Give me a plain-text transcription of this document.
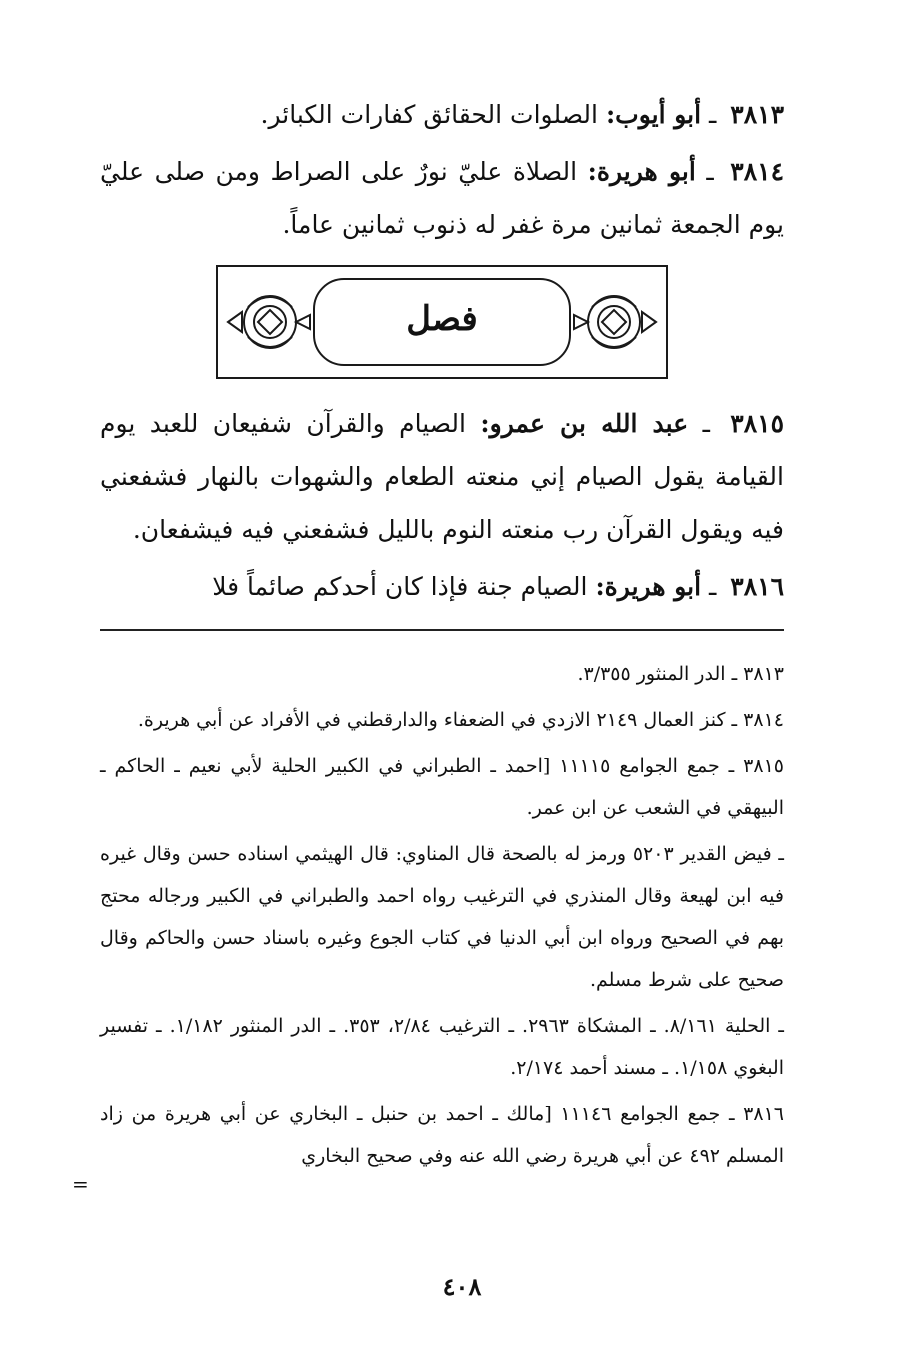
٣٨١٣ ـ أبو أيوب: الصلوات الحقائق كفارات الكبائر.

٣٨١٤ ـ أبو هريرة: الصلاة عليّ نورٌ على الصراط ومن صلى عليّ يوم الجمعة ثمانين مرة غفر له ذنوب ثمانين عاماً.

فصل

٣٨١٥ ـ عبد الله بن عمرو: الصيام والقرآن شفيعان للعبد يوم القيامة يقول الصيام إني منعته الطعام والشهوات بالنهار فشفعني فيه ويقول القرآن رب منعته النوم بالليل فشفعني فيه فيشفعان.

٣٨١٦ ـ أبو هريرة: الصيام جنة فإذا كان أحدكم صائماً فلا

٣٨١٣ ـ الدر المنثور ٣/٣٥٥.

٣٨١٤ ـ كنز العمال ٢١٤٩ الازدي في الضعفاء والدارقطني في الأفراد عن أبي هريرة.

٣٨١٥ ـ جمع الجوامع ١١١١٥ [احمد ـ الطبراني في الكبير الحلية لأبي نعيم ـ الحاكم ـ البيهقي في الشعب عن ابن عمر.

ـ فيض القدير ٥٢٠٣ ورمز له بالصحة قال المناوي: قال الهيثمي اسناده حسن وقال غيره فيه ابن لهيعة وقال المنذري في الترغيب رواه احمد والطبراني في الكبير ورجاله محتج بهم في الصحيح ورواه ابن أبي الدنيا في كتاب الجوع وغيره باسناد حسن والحاكم وقال صحيح على شرط مسلم.

ـ الحلية ٨/١٦١. ـ المشكاة ٢٩٦٣. ـ الترغيب ٢/٨٤، ٣٥٣. ـ الدر المنثور ١/١٨٢. ـ تفسير البغوي ١/١٥٨. ـ مسند أحمد ٢/١٧٤.

٣٨١٦ ـ جمع الجوامع ١١١٤٦ [مالك ـ احمد بن حنبل ـ البخاري عن أبي هريرة من زاد المسلم ٤٩٢ عن أبي هريرة رضي الله عنه وفي صحيح البخاري

=
٤٠٨
